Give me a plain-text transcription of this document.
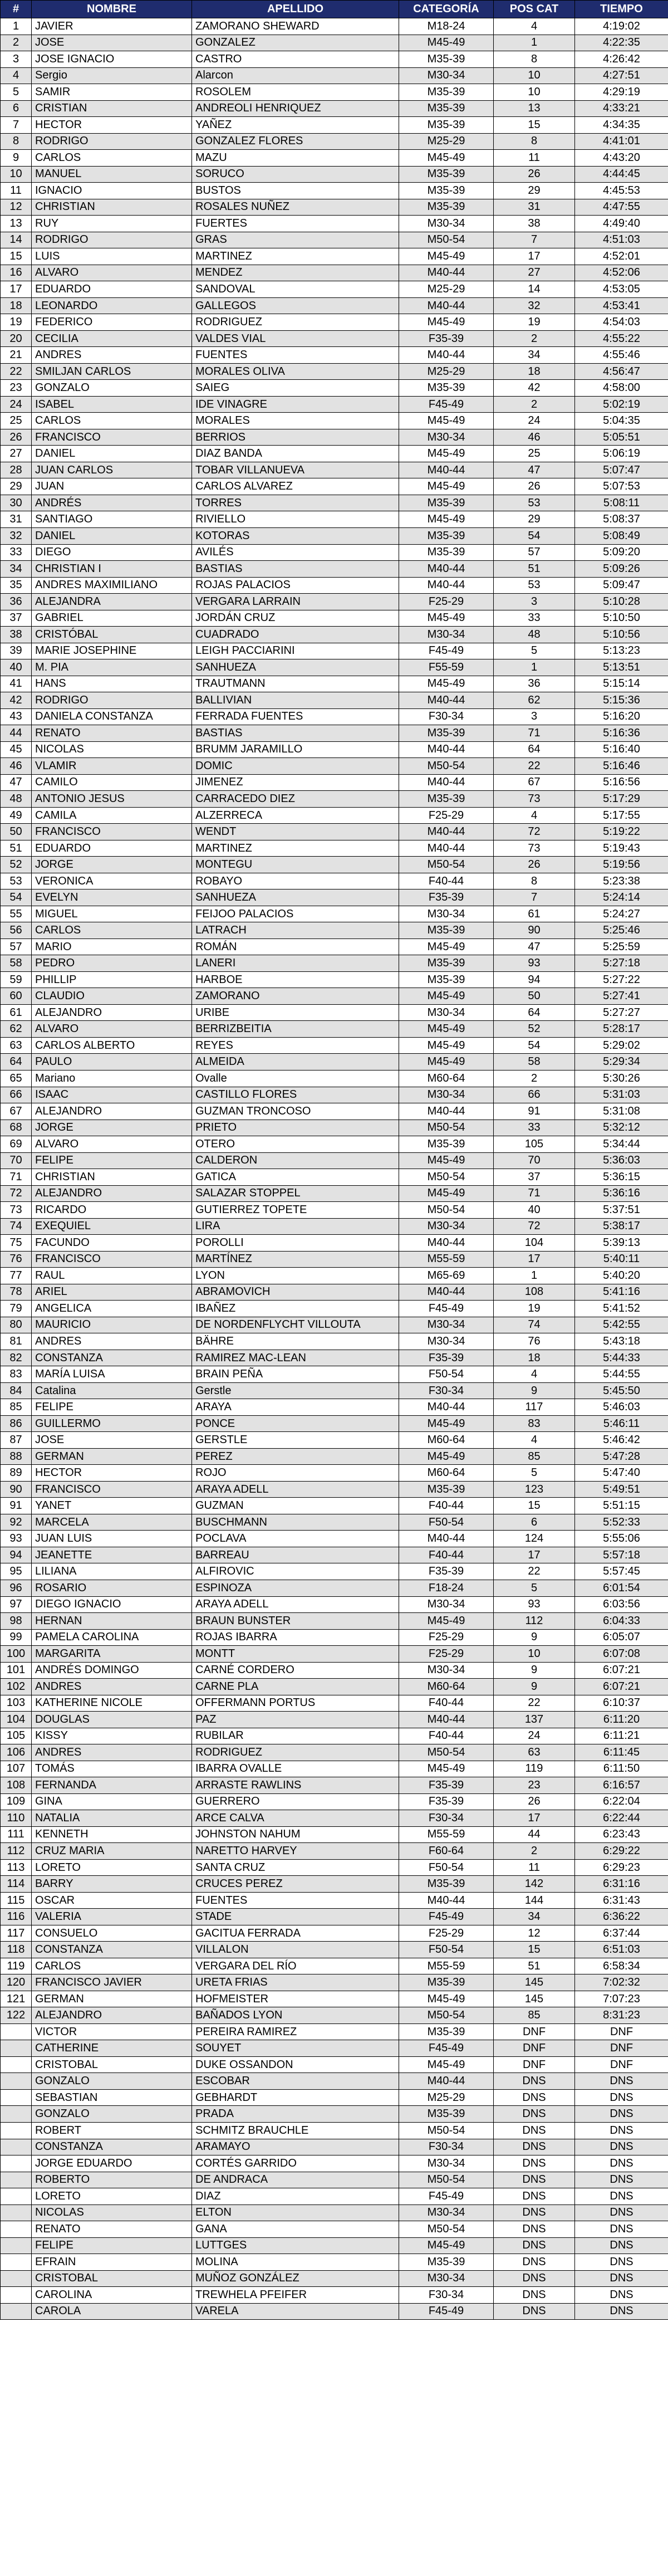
#	NOMBRE	APELLIDO	CATEGORÍA	POS CAT	TIEMPO
1	JAVIER	ZAMORANO SHEWARD	M18-24	4	4:19:02
2	JOSE	GONZALEZ	M45-49	1	4:22:35
3	JOSE IGNACIO	CASTRO	M35-39	8	4:26:42
4	Sergio	Alarcon	M30-34	10	4:27:51
5	SAMIR	ROSOLEM	M35-39	10	4:29:19
6	CRISTIAN	ANDREOLI HENRIQUEZ	M35-39	13	4:33:21
7	HECTOR	YAÑEZ	M35-39	15	4:34:35
8	RODRIGO	GONZALEZ FLORES	M25-29	8	4:41:01
9	CARLOS	MAZU	M45-49	11	4:43:20
10	MANUEL	SORUCO	M35-39	26	4:44:45
11	IGNACIO	BUSTOS	M35-39	29	4:45:53
12	CHRISTIAN	ROSALES NUÑEZ	M35-39	31	4:47:55
13	RUY	FUERTES	M30-34	38	4:49:40
14	RODRIGO	GRAS	M50-54	7	4:51:03
15	LUIS	MARTINEZ	M45-49	17	4:52:01
16	ALVARO	MENDEZ	M40-44	27	4:52:06
17	EDUARDO	SANDOVAL	M25-29	14	4:53:05
18	LEONARDO	GALLEGOS	M40-44	32	4:53:41
19	FEDERICO	RODRIGUEZ	M45-49	19	4:54:03
20	CECILIA	VALDES VIAL	F35-39	2	4:55:22
21	ANDRES	FUENTES	M40-44	34	4:55:46
22	SMILJAN CARLOS	MORALES OLIVA	M25-29	18	4:56:47
23	GONZALO	SAIEG	M35-39	42	4:58:00
24	ISABEL	IDE VINAGRE	F45-49	2	5:02:19
25	CARLOS	MORALES	M45-49	24	5:04:35
26	FRANCISCO	BERRIOS	M30-34	46	5:05:51
27	DANIEL	DIAZ BANDA	M45-49	25	5:06:19
28	JUAN CARLOS	TOBAR VILLANUEVA	M40-44	47	5:07:47
29	JUAN	CARLOS ALVAREZ	M45-49	26	5:07:53
30	ANDRÉS	TORRES	M35-39	53	5:08:11
31	SANTIAGO	RIVIELLO	M45-49	29	5:08:37
32	DANIEL	KOTORAS	M35-39	54	5:08:49
33	DIEGO	AVILÉS	M35-39	57	5:09:20
34	CHRISTIAN I	BASTIAS	M40-44	51	5:09:26
35	ANDRES MAXIMILIANO	ROJAS PALACIOS	M40-44	53	5:09:47
36	ALEJANDRA	VERGARA LARRAIN	F25-29	3	5:10:28
37	GABRIEL	JORDÁN CRUZ	M45-49	33	5:10:50
38	CRISTÓBAL	CUADRADO	M30-34	48	5:10:56
39	MARIE JOSEPHINE	LEIGH PACCIARINI	F45-49	5	5:13:23
40	M. PIA	SANHUEZA	F55-59	1	5:13:51
41	HANS	TRAUTMANN	M45-49	36	5:15:14
42	RODRIGO	BALLIVIAN	M40-44	62	5:15:36
43	DANIELA CONSTANZA	FERRADA FUENTES	F30-34	3	5:16:20
44	RENATO	BASTIAS	M35-39	71	5:16:36
45	NICOLAS	BRUMM JARAMILLO	M40-44	64	5:16:40
46	VLAMIR	DOMIC	M50-54	22	5:16:46
47	CAMILO	JIMENEZ	M40-44	67	5:16:56
48	ANTONIO JESUS	CARRACEDO DIEZ	M35-39	73	5:17:29
49	CAMILA	ALZERRECA	F25-29	4	5:17:55
50	FRANCISCO	WENDT	M40-44	72	5:19:22
51	EDUARDO	MARTINEZ	M40-44	73	5:19:43
52	JORGE	MONTEGU	M50-54	26	5:19:56
53	VERONICA	ROBAYO	F40-44	8	5:23:38
54	EVELYN	SANHUEZA	F35-39	7	5:24:14
55	MIGUEL	FEIJOO PALACIOS	M30-34	61	5:24:27
56	CARLOS	LATRACH	M35-39	90	5:25:46
57	MARIO	ROMÁN	M45-49	47	5:25:59
58	PEDRO	LANERI	M35-39	93	5:27:18
59	PHILLIP	HARBOE	M35-39	94	5:27:22
60	CLAUDIO	ZAMORANO	M45-49	50	5:27:41
61	ALEJANDRO	URIBE	M30-34	64	5:27:27
62	ALVARO	BERRIZBEITIA	M45-49	52	5:28:17
63	CARLOS ALBERTO	REYES	M45-49	54	5:29:02
64	PAULO	ALMEIDA	M45-49	58	5:29:34
65	Mariano	Ovalle	M60-64	2	5:30:26
66	ISAAC	CASTILLO FLORES	M30-34	66	5:31:03
67	ALEJANDRO	GUZMAN TRONCOSO	M40-44	91	5:31:08
68	JORGE	PRIETO	M50-54	33	5:32:12
69	ALVARO	OTERO	M35-39	105	5:34:44
70	FELIPE	CALDERON	M45-49	70	5:36:03
71	CHRISTIAN	GATICA	M50-54	37	5:36:15
72	ALEJANDRO	SALAZAR STOPPEL	M45-49	71	5:36:16
73	RICARDO	GUTIERREZ TOPETE	M50-54	40	5:37:51
74	EXEQUIEL	LIRA	M30-34	72	5:38:17
75	FACUNDO	POROLLI	M40-44	104	5:39:13
76	FRANCISCO	MARTÍNEZ	M55-59	17	5:40:11
77	RAUL	LYON	M65-69	1	5:40:20
78	ARIEL	ABRAMOVICH	M40-44	108	5:41:16
79	ANGELICA	IBAÑEZ	F45-49	19	5:41:52
80	MAURICIO	DE NORDENFLYCHT VILLOUTA	M30-34	74	5:42:55
81	ANDRES	BÄHRE	M30-34	76	5:43:18
82	CONSTANZA	RAMIREZ MAC-LEAN	F35-39	18	5:44:33
83	MARÍA LUISA	BRAIN PEÑA	F50-54	4	5:44:55
84	Catalina	Gerstle	F30-34	9	5:45:50
85	FELIPE	ARAYA	M40-44	117	5:46:03
86	GUILLERMO	PONCE	M45-49	83	5:46:11
87	JOSE	GERSTLE	M60-64	4	5:46:42
88	GERMAN	PEREZ	M45-49	85	5:47:28
89	HECTOR	ROJO	M60-64	5	5:47:40
90	FRANCISCO	ARAYA ADELL	M35-39	123	5:49:51
91	YANET	GUZMAN	F40-44	15	5:51:15
92	MARCELA	BUSCHMANN	F50-54	6	5:52:33
93	JUAN LUIS	POCLAVA	M40-44	124	5:55:06
94	JEANETTE	BARREAU	F40-44	17	5:57:18
95	LILIANA	ALFIROVIC	F35-39	22	5:57:45
96	ROSARIO	ESPINOZA	F18-24	5	6:01:54
97	DIEGO IGNACIO	ARAYA ADELL	M30-34	93	6:03:56
98	HERNAN	BRAUN BUNSTER	M45-49	112	6:04:33
99	PAMELA CAROLINA	ROJAS IBARRA	F25-29	9	6:05:07
100	MARGARITA	MONTT	F25-29	10	6:07:08
101	ANDRÉS DOMINGO	CARNÉ CORDERO	M30-34	9	6:07:21
102	ANDRES	CARNE PLA	M60-64	9	6:07:21
103	KATHERINE NICOLE	OFFERMANN PORTUS	F40-44	22	6:10:37
104	DOUGLAS	PAZ	M40-44	137	6:11:20
105	KISSY	RUBILAR	F40-44	24	6:11:21
106	ANDRES	RODRIGUEZ	M50-54	63	6:11:45
107	TOMÁS	IBARRA OVALLE	M45-49	119	6:11:50
108	FERNANDA	ARRASTE RAWLINS	F35-39	23	6:16:57
109	GINA	GUERRERO	F35-39	26	6:22:04
110	NATALIA	ARCE CALVA	F30-34	17	6:22:44
111	KENNETH	JOHNSTON NAHUM	M55-59	44	6:23:43
112	CRUZ MARIA	NARETTO HARVEY	F60-64	2	6:29:22
113	LORETO	SANTA CRUZ	F50-54	11	6:29:23
114	BARRY	CRUCES PEREZ	M35-39	142	6:31:16
115	OSCAR	FUENTES	M40-44	144	6:31:43
116	VALERIA	STADE	F45-49	34	6:36:22
117	CONSUELO	GACITUA FERRADA	F25-29	12	6:37:44
118	CONSTANZA	VILLALON	F50-54	15	6:51:03
119	CARLOS	VERGARA DEL RÍO	M55-59	51	6:58:34
120	FRANCISCO JAVIER	URETA FRIAS	M35-39	145	7:02:32
121	GERMAN	HOFMEISTER	M45-49	145	7:07:23
122	ALEJANDRO	BAÑADOS LYON	M50-54	85	8:31:23
	VICTOR	PEREIRA RAMIREZ	M35-39	DNF	DNF
	CATHERINE	SOUYET	F45-49	DNF	DNF
	CRISTOBAL	DUKE OSSANDON	M45-49	DNF	DNF
	GONZALO	ESCOBAR	M40-44	DNS	DNS
	SEBASTIAN	GEBHARDT	M25-29	DNS	DNS
	GONZALO	PRADA	M35-39	DNS	DNS
	ROBERT	SCHMITZ BRAUCHLE	M50-54	DNS	DNS
	CONSTANZA	ARAMAYO	F30-34	DNS	DNS
	JORGE EDUARDO	CORTÉS GARRIDO	M30-34	DNS	DNS
	ROBERTO	DE ANDRACA	M50-54	DNS	DNS
	LORETO	DIAZ	F45-49	DNS	DNS
	NICOLAS	ELTON	M30-34	DNS	DNS
	RENATO	GANA	M50-54	DNS	DNS
	FELIPE	LUTTGES	M45-49	DNS	DNS
	EFRAIN	MOLINA	M35-39	DNS	DNS
	CRISTOBAL	MUÑOZ GONZÁLEZ	M30-34	DNS	DNS
	CAROLINA	TREWHELA PFEIFER	F30-34	DNS	DNS
	CAROLA	VARELA	F45-49	DNS	DNS
